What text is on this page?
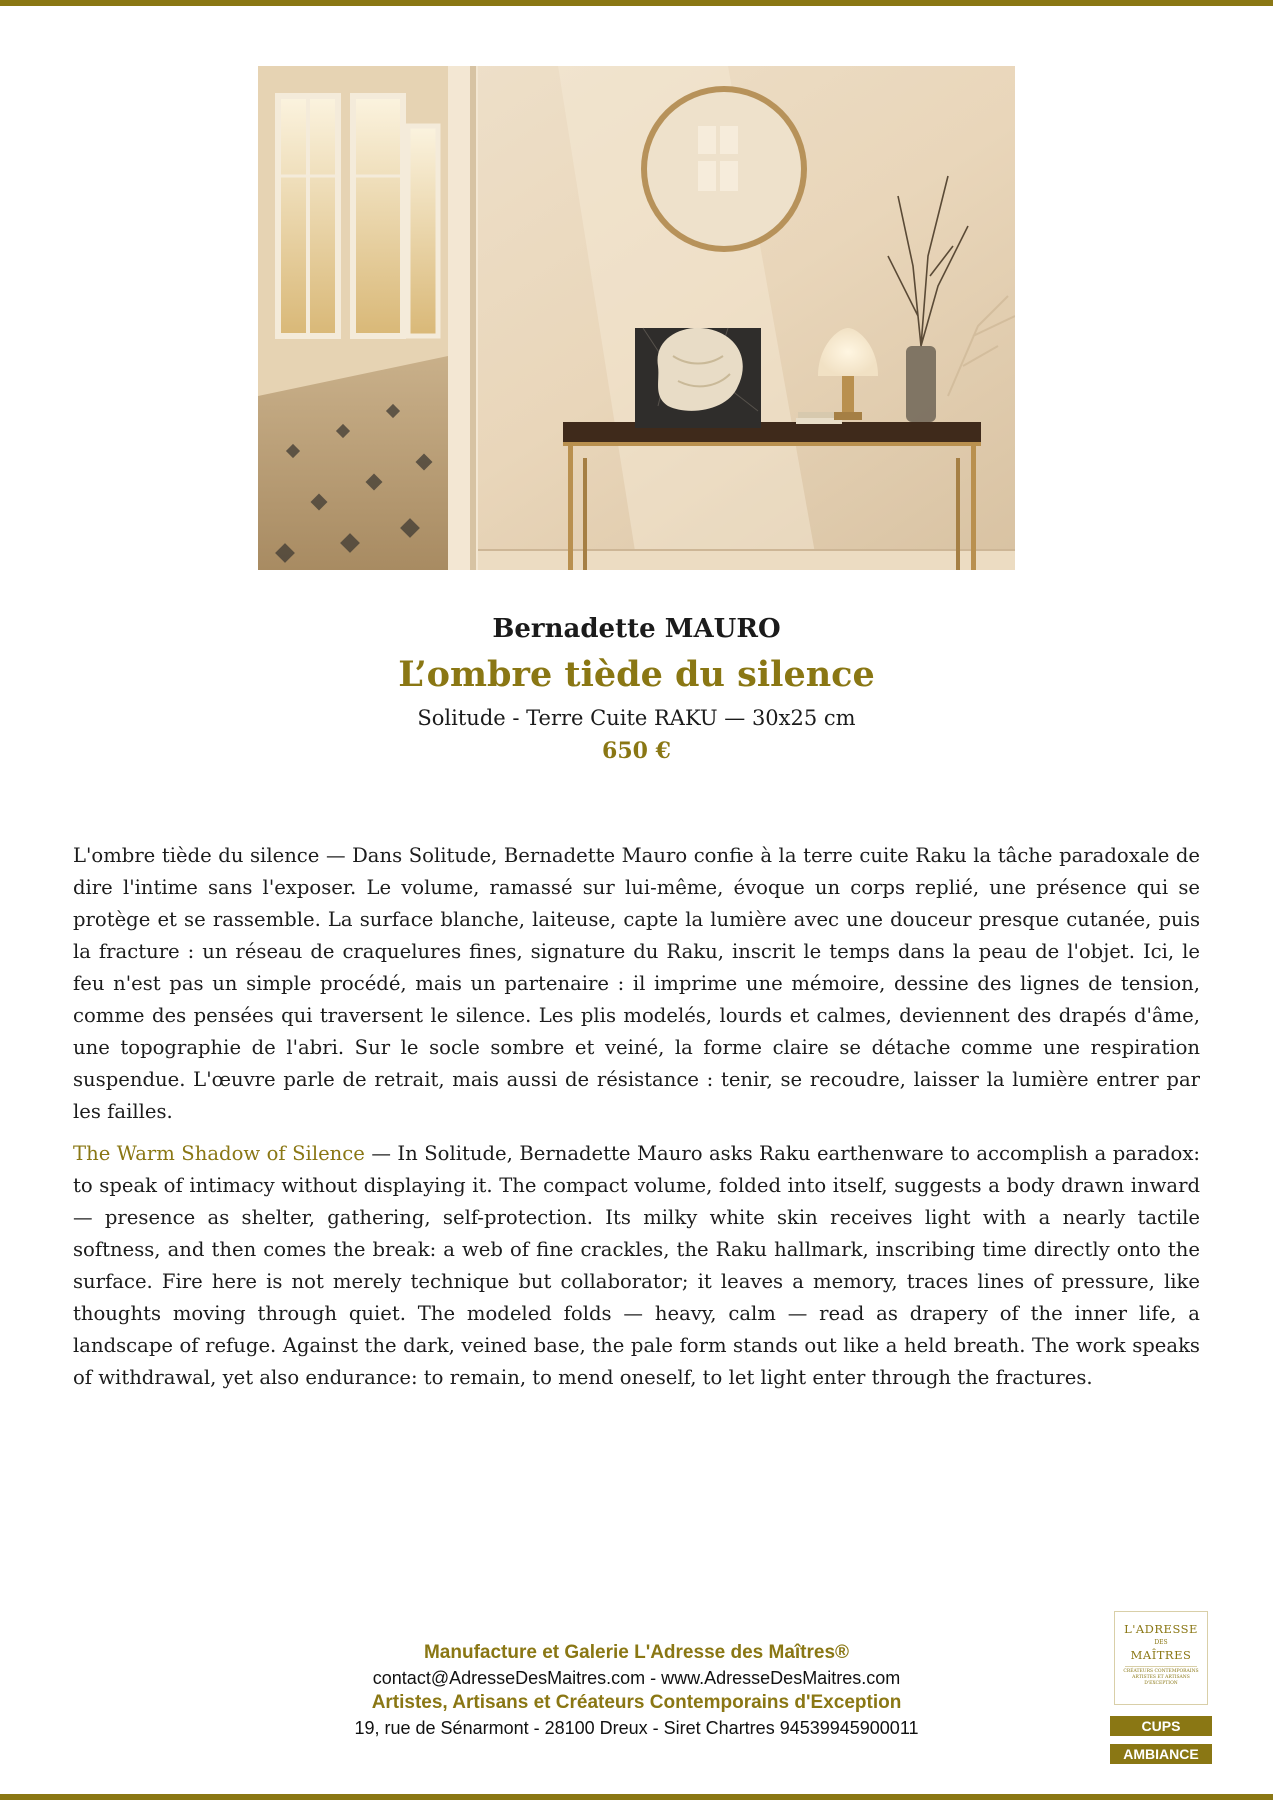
Bernadette MAURO
L’ombre tiède du silence
Solitude - Terre Cuite RAKU — 30x25 cm
650 €

L'ombre tiède du silence — Dans Solitude, Bernadette Mauro confie à la terre cuite Raku la tâche paradoxale de dire l'intime sans l'exposer. Le volume, ramassé sur lui-même, évoque un corps replié, une présence qui se protège et se rassemble. La surface blanche, laiteuse, capte la lumière avec une douceur presque cutanée, puis la fracture : un réseau de craquelures fines, signature du Raku, inscrit le temps dans la peau de l'objet. Ici, le feu n'est pas un simple procédé, mais un partenaire : il imprime une mémoire, dessine des lignes de tension, comme des pensées qui traversent le silence. Les plis modelés, lourds et calmes, deviennent des drapés d'âme, une topographie de l'abri. Sur le socle sombre et veiné, la forme claire se détache comme une respiration suspendue. L'œuvre parle de retrait, mais aussi de résistance : tenir, se recoudre, laisser la lumière entrer par les failles.

The Warm Shadow of Silence — In Solitude, Bernadette Mauro asks Raku earthenware to accomplish a paradox: to speak of intimacy without displaying it. The compact volume, folded into itself, suggests a body drawn inward — presence as shelter, gathering, self-protection. Its milky white skin receives light with a nearly tactile softness, and then comes the break: a web of fine crackles, the Raku hallmark, inscribing time directly onto the surface. Fire here is not merely technique but collaborator; it leaves a memory, traces lines of pressure, like thoughts moving through quiet. The modeled folds — heavy, calm — read as drapery of the inner life, a landscape of refuge. Against the dark, veined base, the pale form stands out like a held breath. The work speaks of withdrawal, yet also endurance: to remain, to mend oneself, to let light enter through the fractures.

Manufacture et Galerie L'Adresse des Maîtres®
contact@AdresseDesMaitres.com - www.AdresseDesMaitres.com
Artistes, Artisans et Créateurs Contemporains d'Exception
19, rue de Sénarmont - 28100 Dreux - Siret Chartres 94539945900011
L'ADRESSE
DES
MAÎTRES
CRÉATEURS CONTEMPORAINS ARTISTES ET ARTISANS D'EXCEPTION
CUPS
AMBIANCE
